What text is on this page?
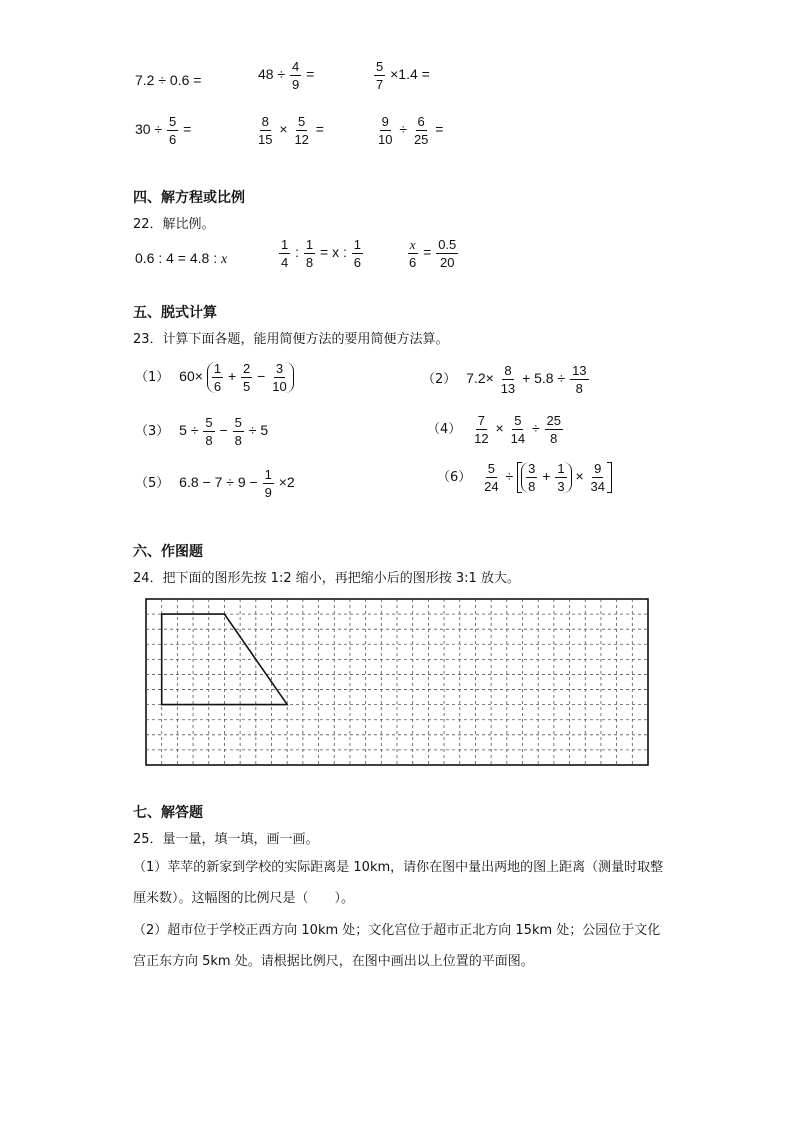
7.2 ÷ 0.6 =	$48 \div \frac{4}{9}$ =	$\frac{5}{7} \times 1.4$ =
$30 \div \frac{5}{6}$ =	$\frac{8}{15} \times \frac{5}{12}$ =	$\frac{9}{10} \div \frac{6}{25}$ =
四、解方程或比例
22．解比例。
0.6 : 4 = 4.8 : x	$\frac{1}{4}$ : $\frac{1}{8} = x$ : $\frac{1}{6}$	$\frac{x}{6} = \frac{0.5}{20}$
五、脱式计算
23．计算下面各题，能用简便方法的要用简便方法算。
（1） $60\times \frac{1}{6} + \frac{2}{5} - \frac{3}{10}$	（2） $7.2\times \frac{8}{13} + 5.8 \div \frac{13}{8}$
（3） $5 \div \frac{5}{8} - \frac{5}{8} \div 5$	$(4) \frac{7}{12} \times \frac{5}{14} \div \frac{25}{8}$
（5） $6.8 - 7 \div 9 - \frac{1}{9} \times 2$	$(6) \frac{5}{24} \div \frac{3}{8} + \frac{1}{3} \times \frac{9}{34}$
六、作图题
24．把下面的图形先按 1:2 缩小，再把缩小后的图形按 3:1 放大。
七、解答题
25．量一量，填一填，画一画。
（1）苹苹的新家到学校的实际距离是 10km，请你在图中量出两地的图上距离（测量时取整厘米数）。这幅图的比例尺是（　　）。
（2）超市位于学校正西方向 10km 处；文化宫位于超市正北方向 15km 处；公园位于文化宫正东方向 5km 处。请根据比例尺，在图中画出以上位置的平面图。
